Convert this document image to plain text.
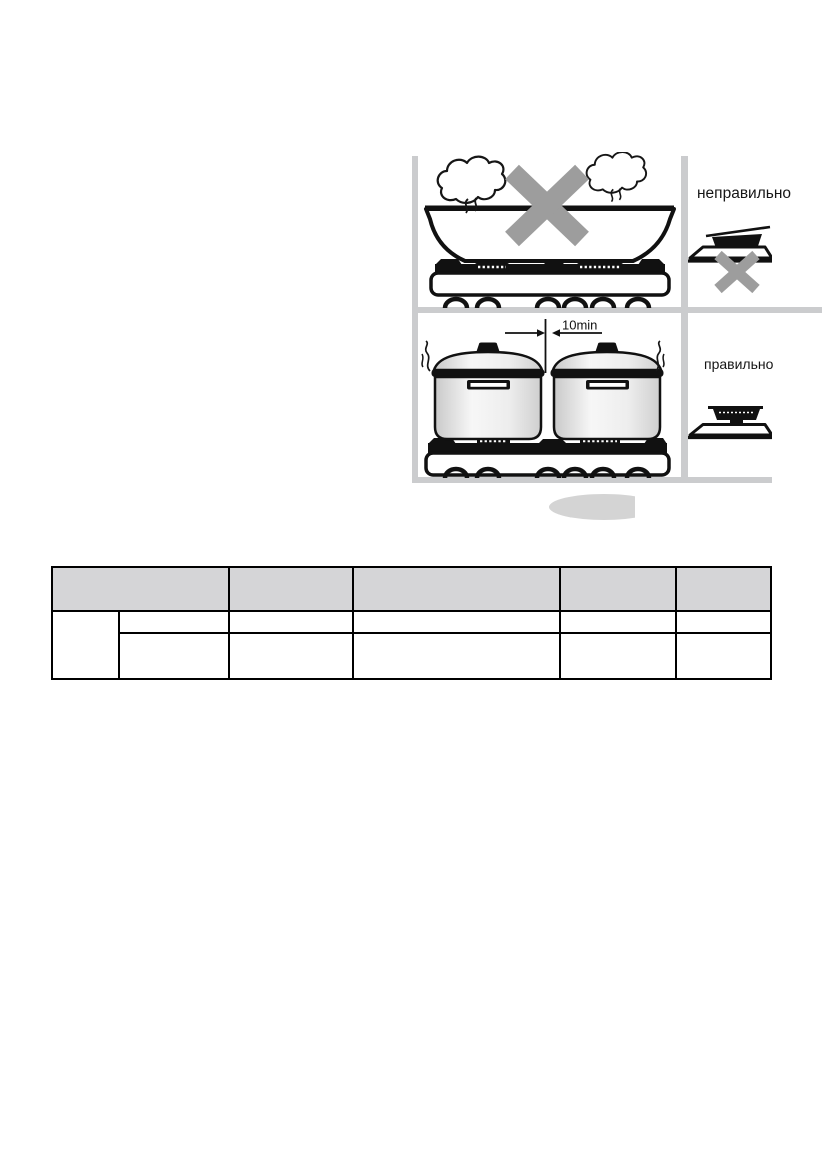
10min
неправильно
правильно
